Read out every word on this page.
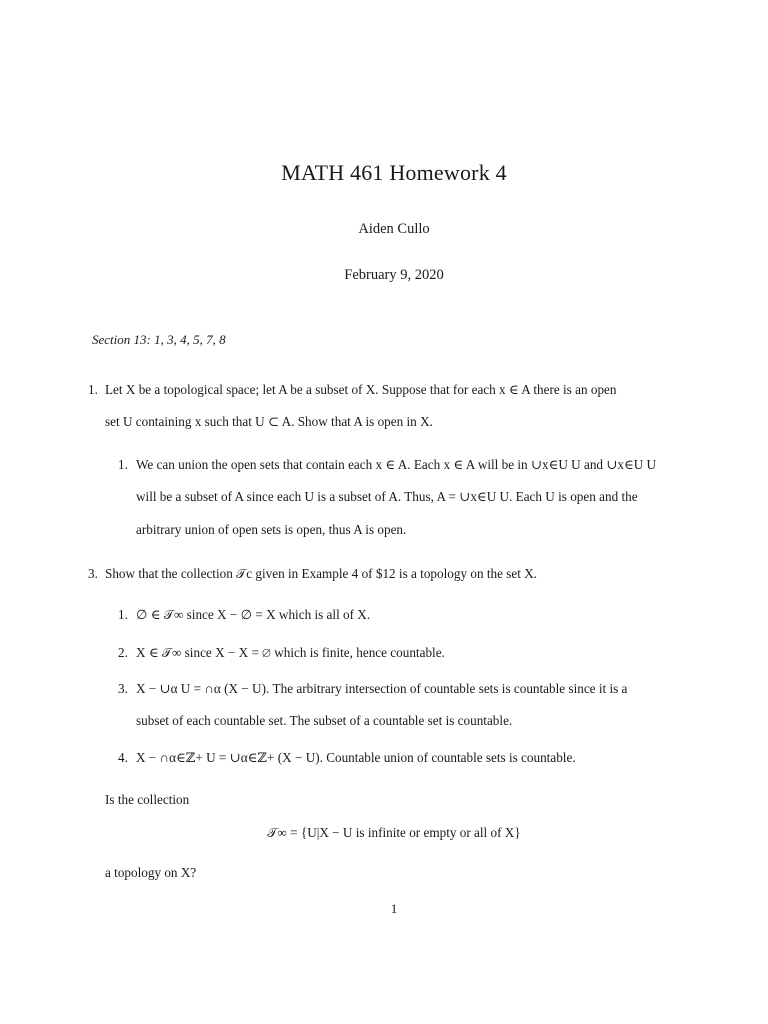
MATH 461 Homework 4
Aiden Cullo
February 9, 2020
Section 13: 1, 3, 4, 5, 7, 8
1. Let X be a topological space; let A be a subset of X. Suppose that for each x ∈ A there is an open
set U containing x such that U ⊂ A. Show that A is open in X.
1. We can union the open sets that contain each x ∈ A. Each x ∈ A will be in ∪x∈U U and ∪x∈U U
will be a subset of A since each U is a subset of A. Thus, A = ∪x∈U U. Each U is open and the
arbitrary union of open sets is open, thus A is open.
3. Show that the collection 𝒯c given in Example 4 of $12 is a topology on the set X.
1. ∅ ∈ 𝒯∞ since X − ∅ = X which is all of X.
2. X ∈ 𝒯∞ since X − X = ∅ which is finite, hence countable.
3. X − ∪α U = ∩α (X − U). The arbitrary intersection of countable sets is countable since it is a
subset of each countable set. The subset of a countable set is countable.
4. X − ∩α∈ℤ+ U = ∪α∈ℤ+ (X − U). Countable union of countable sets is countable.
Is the collection
𝒯∞ = {U|X − U is infinite or empty or all of X}
a topology on X?
1
